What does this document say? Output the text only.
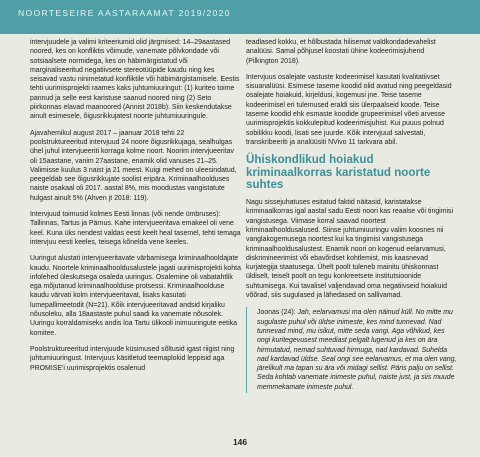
NOORTESEIRE AASTARAAMAT 2019/2020

intervjuudele ja valimi kriteeriumid olid järgmised: 14–29aastased noored, kes on konfliktis võimude, vanemate põlvkondade või sotsiaalsete normidega, kes on häbimärgistatud või marginaliseeritud negatiivsete stereotüüpide kaudu ning kes seisavad vastu ninimetatud konfliktile või häbimärgistamisele. Eestis tehti uurimisprojekti raames kaks juhtumiuuringut: (1) kuriteo toime pannud ja selle eest karistuse saanud noored ning (2) Seto piirkonnas elavad maanoored (Annist 2018b). Siin keskendutakse ainult esimesele, õigusrikkujatest noorte juhtumiuuringule.

Ajavahemikul august 2017 – jaanuar 2018 tehti 22 poolstruktureeritud intervjuud 24 noore õigusrikkujaga, sealhulgas ühel juhul intervjueeriti korraga kolme noort. Noorim intervjueeritav oli 15aastane, vanim 27aastane, enamik olid vanuses 21–25. Valimisse kuulus 3 naist ja 21 meest. Kuigi mehed on uleesindatud, peegeldab see õigusrikkujate soolist eripära. Kriminaalhoolduses naiste osakaal oli 2017. aastal 8%, mis moodustas vangistatute hulgast ainult 5% (Ahven jt 2018: 119).

Intervjuud toimusid kolmes Eesti linnas (või nende ümbruses): Tallinnas, Tartus ja Pärnus. Kahe intervjueeritava emakeel oli vene keel. Kuna üks nendest valdas eesti keelt heal tasemel, tehti temaga intervjuu eesti keeles, teisega kõnelda vene keeles.

Uuringut alustati intervjueeritavate värbamisega kriminaalhooldajate kaudu. Noortele kriminaalhooldusalustele jagati uurimisprojekti kohta infolehed üleskutsega osaleda uuringus. Osalemine oli vabatahtlik ega mõjutanud kriminaalhoolduse protsessi. Kriminaalhoolduse kaudu värvati kolm intervjueeritavat, lisaks kasutati lumepallimeetodit (N=21). Kõik intervjueeritavad andsid kirjaliku nõusoleku, alla 18aastaste puhul saadi ka vanemate nõusolek. Uuringu korraldamiseks andis loa Tartu ülikooli inimuuringute eetika komitee.

Poolstruktureeritud intervjuude küsimused sõltusid igast riigist ning juhtumiuuringust. Intervjuus käsitletud teemaplokid leppisid aga PROMISE'i uurimisprojektis osalenud

teadlased kokku, et hõlbustada hilisemat valdkondadevahelist analüüsi. Samal põhjusel koostati ühine kodeerimisjuhend (Pilkington 2018).

Intervjuus osalejate vastuste kodeerimisel kasutati kvalitatiivset sisuanalüüsi. Esimese taseme koodid olid avatud ning peegeldasid osalejate hoiakuid, kirjeldusi, kogemusi jne. Teise taseme kodeerimisel eri tulemused eraldi siis ülerpaalseid koode. Teise taseme koodid ehk esmaste koodide grupeerimisel võeti arvesse uurimisprojektis kokkulepitud kodeerimisjuhist. Kui puuus polnud sobilikku koodi, lisati see juurde. Kõik intervjuud salvestati, transkribeeriti ja analüüsiti NVivo 11 tarkvara abil.

Ühiskondlikud hoiakud kriminaalkorras karistatud noorte suhtes

Nagu sissejuhatuses esitatud faktid näitasid, karistatakse kriminaalkorras igal aastal sadu Eesti noori kas reaalse või tingimisi vangistusega. Viimase korral saavad noortest kriminaalhooldusalused. Siinse juhtumiuuringu valim koosnes nii vanglakogemusega noortest kui ka tingimisi vangistusega kriminaalhooldusalustest. Enamik noori on kogenud eelarvamusi, diskrimineerimist või ebavõrdset kohtlemist, mis kaasnevad kurjategija staatusega. Ühelt poolt tuleneb mainitu ühiskonnast üldiselt, teiselt poolt on tegu konkreetsete institutsioonide suhtumisega. Kui tavalisel valjendavad oma negatiivseid hoiakuid võõrad, siis sugulased ja lähedased on sallivamad.

Joonas (24): Jah, eelarvamusi ma olen näinud küll. No mitte mu sugulaste puhul või üldse inimeste, kes mind tunnevad. Nad tunnevad mind, mu isikut, mitte seda vangi. Aga võhikud, kes ongi kuritegevusest meediast pelgalt lugenud ja kes on ära hirmutatud, nemad suhtuvad hirmuga, nad kardavad. Suhelda nad kardavad üldse. Seal ongi see eelarvamus, et ma olen vang, järelikult ma tapan su ära või midagi sellist. Päris palju on sellist. Seda kohtab vanemate inimeste puhul, naiste just, ja siis muude memmekamate inimeste puhul.
146
